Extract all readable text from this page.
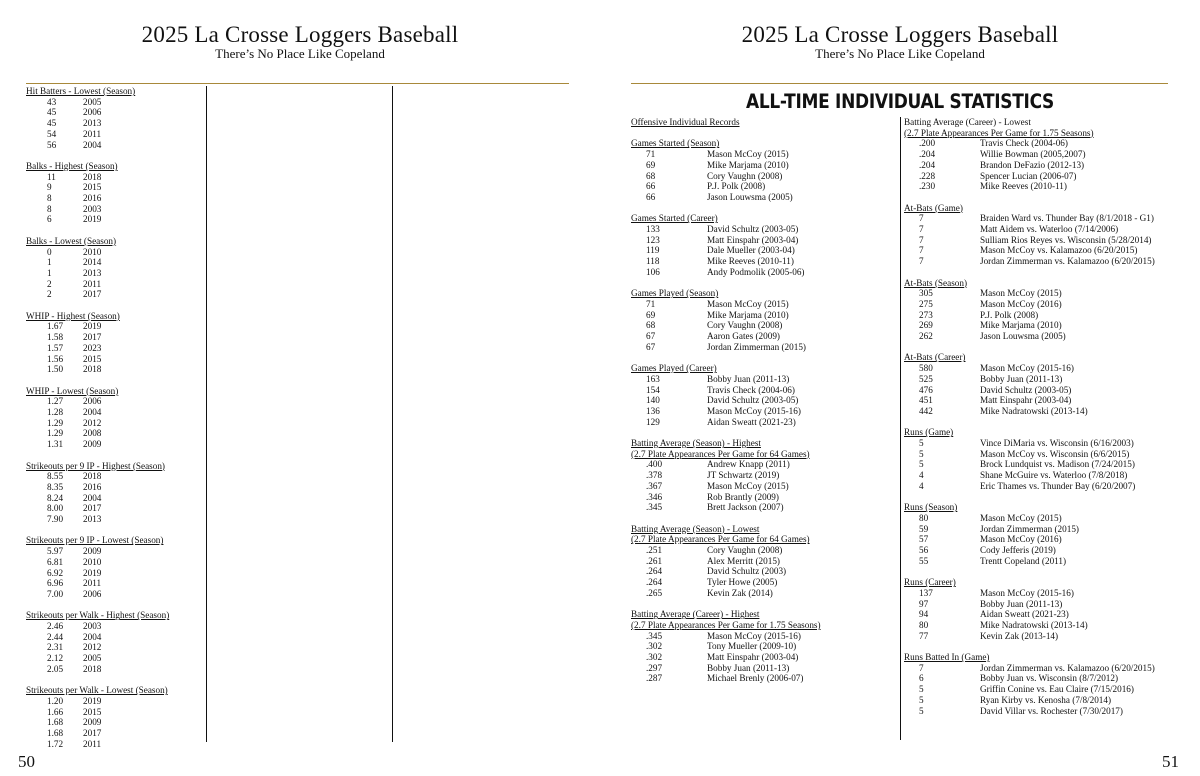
2025 La Crosse Loggers Baseball
There’s No Place Like Copeland
Hit Batters - Lowest (Season)
43	2005
45	2006
45	2013
54	2011
56	2004
Balks - Highest (Season)
11	2018
9	2015
8	2016
8	2003
6	2019
Balks - Lowest (Season)
0	2010
1	2014
1	2013
2	2011
2	2017
WHIP - Highest (Season)
1.67	2019
1.58	2017
1.57	2023
1.56	2015
1.50	2018
WHIP - Lowest (Season)
1.27	2006
1.28	2004
1.29	2012
1.29	2008
1.31	2009
Strikeouts per 9 IP - Highest (Season)
8.55	2018
8.35	2016
8.24	2004
8.00	2017
7.90	2013
Strikeouts per 9 IP - Lowest (Season)
5.97	2009
6.81	2010
6.92	2019
6.96	2011
7.00	2006
Strikeouts per Walk - Highest (Season)
2.46	2003
2.44	2004
2.31	2012
2.12	2005
2.05	2018
Strikeouts per Walk - Lowest (Season)
1.20	2019
1.66	2015
1.68	2009
1.68	2017
1.72	2011
50
2025 La Crosse Loggers Baseball
There’s No Place Like Copeland
ALL-TIME INDIVIDUAL STATISTICS
Offensive Individual Records
Games Started (Season)
71	Mason McCoy (2015)
69	Mike Marjama (2010)
68	Cory Vaughn (2008)
66	P.J. Polk (2008)
66	Jason Louwsma (2005)
Games Started (Career)
133	David Schultz (2003-05)
123	Matt Einspahr (2003-04)
119	Dale Mueller (2003-04)
118	Mike Reeves (2010-11)
106	Andy Podmolik (2005-06)
Games Played (Season)
71	Mason McCoy (2015)
69	Mike Marjama (2010)
68	Cory Vaughn (2008)
67	Aaron Gates (2009)
67	Jordan Zimmerman (2015)
Games Played (Career)
163	Bobby Juan (2011-13)
154	Travis Check (2004-06)
140	David Schultz (2003-05)
136	Mason McCoy (2015-16)
129	Aidan Sweatt (2021-23)
Batting Average (Season) - Highest
(2.7 Plate Appearances Per Game for 64 Games)
.400	Andrew Knapp (2011)
.378	JT Schwartz (2019)
.367	Mason McCoy (2015)
.346	Rob Brantly (2009)
.345	Brett Jackson (2007)
Batting Average (Season) - Lowest
(2.7 Plate Appearances Per Game for 64 Games)
.251	Cory Vaughn (2008)
.261	Alex Merritt (2015)
.264	David Schultz (2003)
.264	Tyler Howe (2005)
.265	Kevin Zak (2014)
Batting Average (Career) - Highest
(2.7 Plate Appearances Per Game for 1.75 Seasons)
.345	Mason McCoy (2015-16)
.302	Tony Mueller (2009-10)
.302	Matt Einspahr (2003-04)
.297	Bobby Juan (2011-13)
.287	Michael Brenly (2006-07)
Batting Average (Career) - Lowest
(2.7 Plate Appearances Per Game for 1.75 Seasons)
.200	Travis Check (2004-06)
.204	Willie Bowman (2005,2007)
.204	Brandon DeFazio (2012-13)
.228	Spencer Lucian (2006-07)
.230	Mike Reeves (2010-11)
At-Bats (Game)
7	Braiden Ward vs. Thunder Bay (8/1/2018 - G1)
7	Matt Aidem vs. Waterloo (7/14/2006)
7	Sulliam Rios Reyes vs. Wisconsin (5/28/2014)
7	Mason McCoy vs. Kalamazoo (6/20/2015)
7	Jordan Zimmerman vs. Kalamazoo (6/20/2015)
At-Bats (Season)
305	Mason McCoy (2015)
275	Mason McCoy (2016)
273	P.J. Polk (2008)
269	Mike Marjama (2010)
262	Jason Louwsma (2005)
At-Bats (Career)
580	Mason McCoy (2015-16)
525	Bobby Juan (2011-13)
476	David Schultz (2003-05)
451	Matt Einspahr (2003-04)
442	Mike Nadratowski (2013-14)
Runs (Game)
5	Vince DiMaria vs. Wisconsin (6/16/2003)
5	Mason McCoy vs. Wisconsin (6/6/2015)
5	Brock Lundquist vs. Madison (7/24/2015)
4	Shane McGuire vs. Waterloo (7/8/2018)
4	Eric Thames vs. Thunder Bay (6/20/2007)
Runs (Season)
80	Mason McCoy (2015)
59	Jordan Zimmerman (2015)
57	Mason McCoy (2016)
56	Cody Jefferis (2019)
55	Trentt Copeland (2011)
Runs (Career)
137	Mason McCoy (2015-16)
97	Bobby Juan (2011-13)
94	Aidan Sweatt (2021-23)
80	Mike Nadratowski (2013-14)
77	Kevin Zak (2013-14)
Runs Batted In (Game)
7	Jordan Zimmerman vs. Kalamazoo (6/20/2015)
6	Bobby Juan vs. Wisconsin (8/7/2012)
5	Griffin Conine vs. Eau Claire (7/15/2016)
5	Ryan Kirby vs. Kenosha (7/8/2014)
5	David Villar vs. Rochester (7/30/2017)
51
